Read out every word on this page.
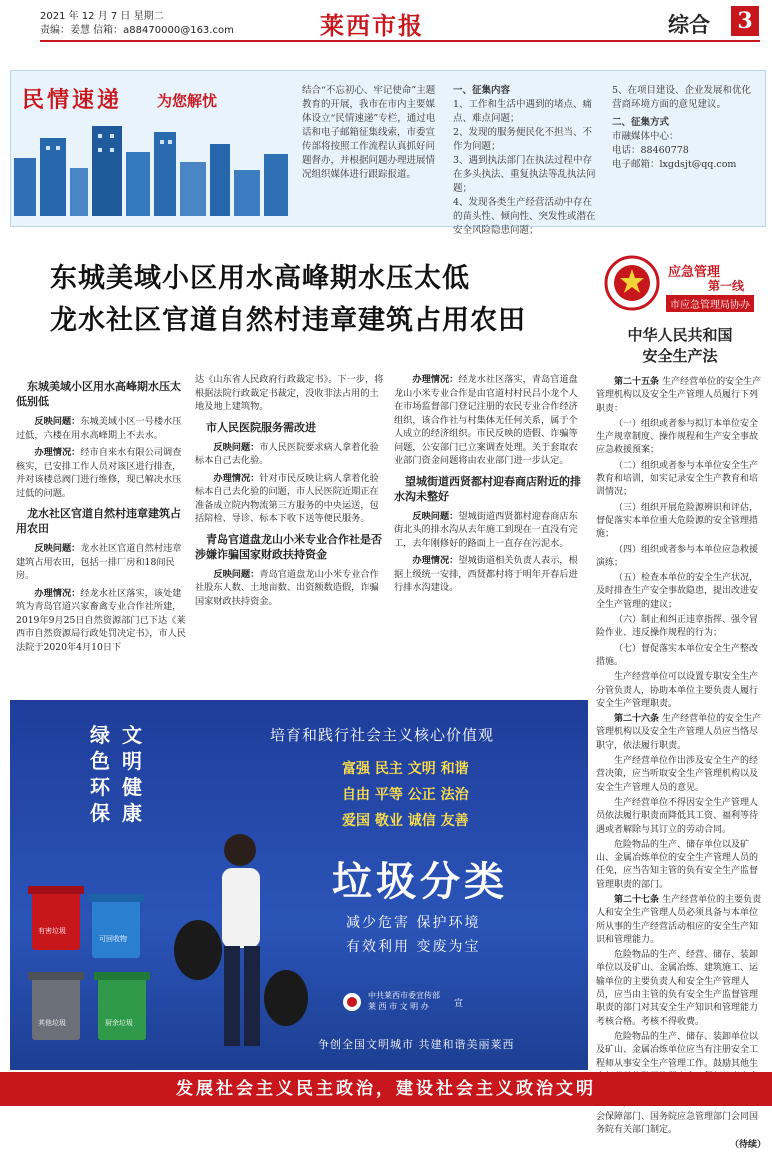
2021 年 12 月 7 日 星期二
责编：姜慧 信箱：a88470000@163.com	莱西市报	综合 3
民情速递 为您解忧
结合“不忘初心、牢记使命”主题教育的开展，我市在市内主要媒体设立“民情速递”专栏，通过电话和电子邮箱征集线索，市委宣传部将按照工作流程认真抓好问题督办，并根据问题办理进展情况组织媒体进行跟踪报道。
一、征集内容
1、工作和生活中遇到的堵点、痛点、难点问题；
2、发现的服务便民化不担当、不作为问题；
3、遇到执法部门在执法过程中存在多头执法、重复执法等乱执法问题；
4、发现各类生产经营活动中存在的苗头性、倾向性、突发性或潜在安全风险隐患问题；
5、在项目建设、企业发展和优化营商环境方面的意见建议。
二、征集方式
市融媒体中心：
电话：88460778
电子邮箱：lxgdsjt@qq.com
东城美域小区用水高峰期水压太低
龙水社区官道自然村违章建筑占用农田
应急管理
第一线
市应急管理局协办
中华人民共和国
安全生产法

第二十五条 生产经营单位的安全生产管理机构以及安全生产管理人员履行下列职责：

（一）组织或者参与拟订本单位安全生产规章制度、操作规程和生产安全事故应急救援预案；

（二）组织或者参与本单位安全生产教育和培训，如实记录安全生产教育和培训情况；

（三）组织开展危险源辨识和评估，督促落实本单位重大危险源的安全管理措施；

（四）组织或者参与本单位应急救援演练；

（五）检查本单位的安全生产状况，及时排查生产安全事故隐患，提出改进安全生产管理的建议；

（六）制止和纠正违章指挥、强令冒险作业、违反操作规程的行为；

（七）督促落实本单位安全生产整改措施。

生产经营单位可以设置专职安全生产分管负责人，协助本单位主要负责人履行安全生产管理职责。

第二十六条 生产经营单位的安全生产管理机构以及安全生产管理人员应当恪尽职守，依法履行职责。

生产经营单位作出涉及安全生产的经营决策，应当听取安全生产管理机构以及安全生产管理人员的意见。

生产经营单位不得因安全生产管理人员依法履行职责而降低其工资、福利等待遇或者解除与其订立的劳动合同。

危险物品的生产、储存单位以及矿山、金属冶炼单位的安全生产管理人员的任免，应当告知主管的负有安全生产监督管理职责的部门。

第二十七条 生产经营单位的主要负责人和安全生产管理人员必须具备与本单位所从事的生产经营活动相应的安全生产知识和管理能力。

危险物品的生产、经营、储存、装卸单位以及矿山、金属冶炼、建筑施工、运输单位的主要负责人和安全生产管理人员，应当由主管的负有安全生产监督管理职责的部门对其安全生产知识和管理能力考核合格。考核不得收费。

危险物品的生产、储存、装卸单位以及矿山、金属冶炼单位应当有注册安全工程师从事安全生产管理工作。鼓励其他生 会保障部门、国务院应急管理部门会同国务院有关部门制定。

（待续）
东城美域小区用水高峰期水压太低别低

反映问题：东城美域小区一号楼水压过低，六楼在用水高峰期上不去水。

办理情况：经市自来水有限公司调查核实，已安排工作人员对该区进行排查，并对该楼总阀门进行维修，现已解决水压过低的问题。

龙水社区官道自然村违章建筑占用农田

反映问题：龙水社区官道自然村违章建筑占用农田，包括一排厂房和18间民房。

办理情况：经龙水社区落实，该处建筑为青岛官道兴家畜禽专业合作社所建，2019年9月25日自然资源部门已下达《莱西市自然资源局行政处罚决定书》，市人民法院于2020年4月10日下

达《山东省人民政府行政裁定书》。下一步，将根据法院行政裁定书裁定，没收非法占用的土地及地上建筑物。

市人民医院服务需改进

反映问题：市人民医院要求病人拿着化验标本自己去化验。

办理情况：针对市民反映让病人拿着化验标本自己去化验的问题，市人民医院近期正在准备成立院内物流第三方服务的中央运送，包括陪检、导诊、标本下收下送等便民服务。

青岛官道盘龙山小米专业合作社是否涉嫌诈骗国家财政扶持资金

反映问题：青岛官道盘龙山小米专业合作社股东人数、土地亩数、出资额数造假，诈骗国家财政扶持资金。

办理情况：经龙水社区落实，青岛官道盘龙山小米专业合作是由官道村村民吕小龙个人在市场监督部门登记注册的农民专业合作经济组织，该合作社与村集体无任何关系，属于个人成立的经济组织。市民反映的造假、诈骗等问题，公安部门已立案调查处理。关于套取农业部门资金问题将由农业部门进一步认定。

望城街道西贤都村迎春商店附近的排水沟未整好

反映问题：望城街道西贤都村迎春商店东街北头的排水沟从去年施工到现在一直没有完工，去年刚修好的路面上一直存在污泥水。

办理情况：望城街道相关负责人表示，根据上级统一安排，西贤都村将于明年开春后进行排水沟建设。

绿
色
环
保
文
明
健
康
培育和践行社会主义核心价值观
富强 民主 文明 和谐
自由 平等 公正 法治
爱国 敬业 诚信 友善
垃圾分类
减少危害 保护环境
有效利用 变废为宝
有害垃圾
可回收物
其他垃圾	厨余垃圾
中共莱西市委宣传部
莱 西 市 文 明 办	宣
争创全国文明城市 共建和谐美丽莱西
发展社会主义民主政治，建设社会主义政治文明
